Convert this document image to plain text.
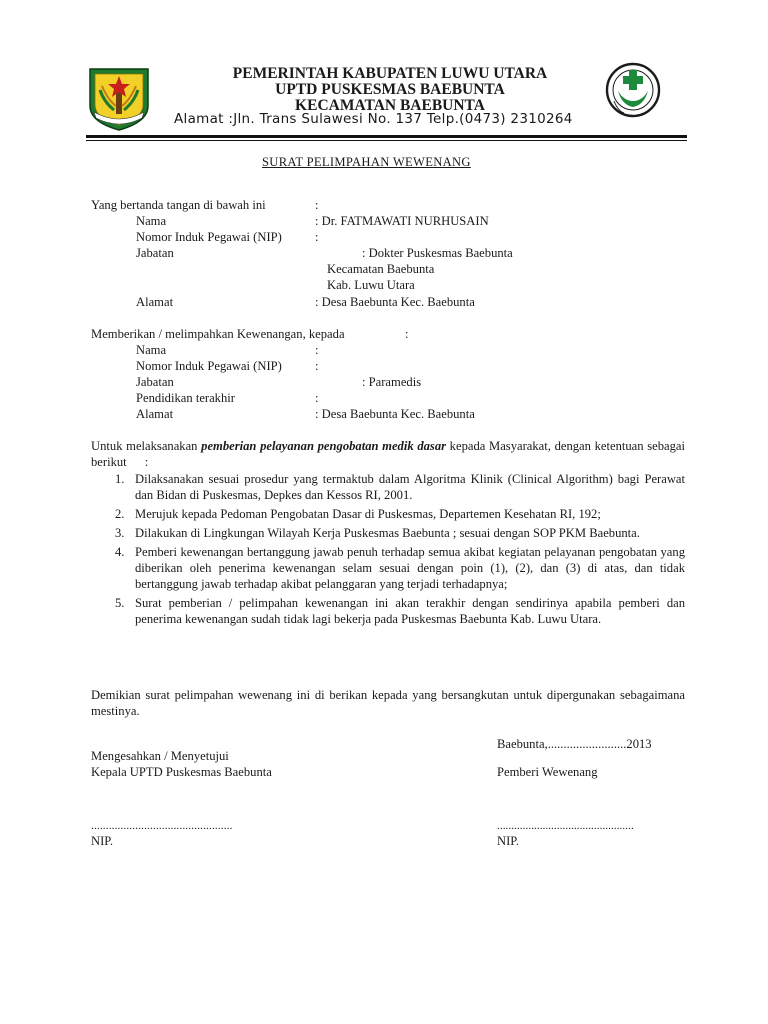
PEMERINTAH KABUPATEN LUWU UTARA
UPTD PUSKESMAS BAEBUNTA
KECAMATAN BAEBUNTA
Alamat :Jln. Trans Sulawesi No. 137 Telp.(0473) 2310264
SURAT PELIMPAHAN WEWENANG
Yang bertanda tangan di bawah ini	:
Nama	: Dr. FATMAWATI NURHUSAIN
Nomor Induk Pegawai (NIP)	:
Jabatan	: Dokter Puskesmas Baebunta
Kecamatan Baebunta
Kab. Luwu Utara
Alamat	: Desa Baebunta Kec. Baebunta
Memberikan / melimpahkan Kewenangan, kepada	:
Nama	:
Nomor Induk Pegawai (NIP)	:
Jabatan	: Paramedis
Pendidikan terakhir	:
Alamat	: Desa Baebunta Kec. Baebunta
Untuk melaksanakan pemberian pelayanan pengobatan medik dasar kepada Masyarakat, dengan ketentuan sebagai berikut :
1. Dilaksanakan sesuai prosedur yang termaktub dalam Algoritma Klinik (Clinical Algorithm) bagi Perawat dan Bidan di Puskesmas, Depkes dan Kessos RI, 2001.
2. Merujuk kepada Pedoman Pengobatan Dasar di Puskesmas, Departemen Kesehatan RI, 192;
3. Dilakukan di Lingkungan Wilayah Kerja Puskesmas Baebunta ; sesuai dengan SOP PKM Baebunta.
4. Pemberi kewenangan bertanggung jawab penuh terhadap semua akibat kegiatan pelayanan pengobatan yang diberikan oleh penerima kewenangan selam sesuai dengan poin (1), (2), dan (3) di atas, dan tidak bertanggung jawab terhadap akibat pelanggaran yang terjadi terhadapnya;
5. Surat pemberian / pelimpahan kewenangan ini akan terakhir dengan sendirinya apabila pemberi dan penerima kewenangan sudah tidak lagi bekerja pada Puskesmas Baebunta Kab. Luwu Utara.
Demikian surat pelimpahan wewenang ini di berikan kepada yang bersangkutan untuk dipergunakan sebagaimana mestinya.
Baebunta,.........................2013
Mengesahkan / Menyetujui
Kepala UPTD Puskesmas Baebunta	Pemberi Wewenang
................................................	................................................
NIP.	NIP.
